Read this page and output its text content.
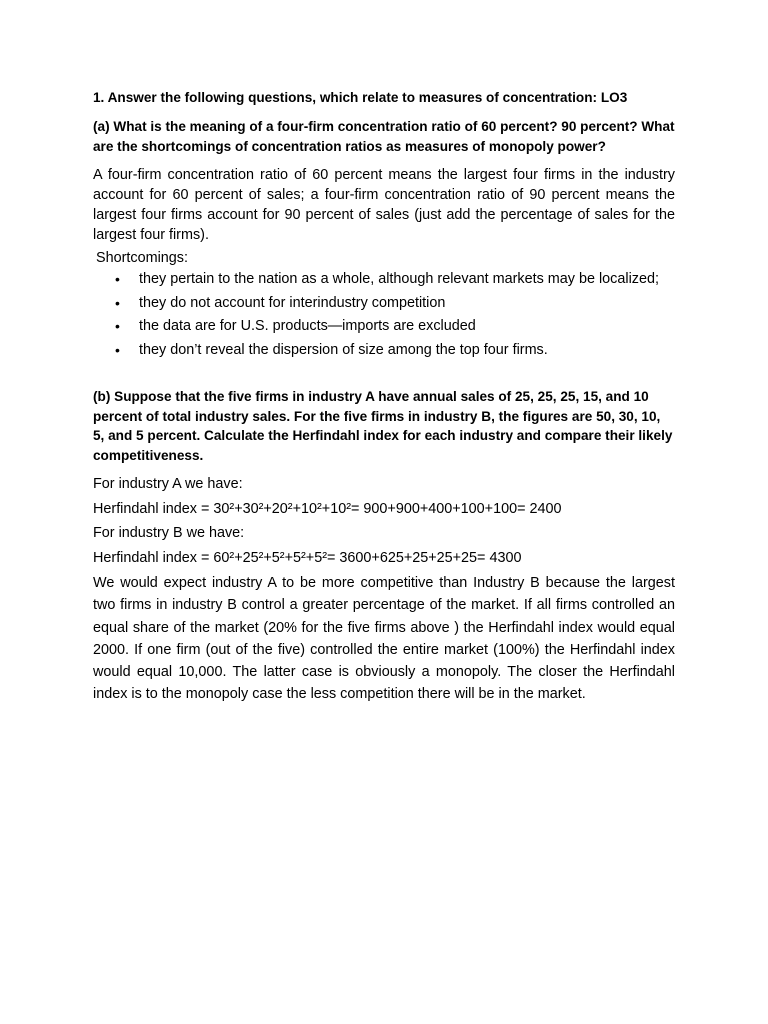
1. Answer the following questions, which relate to measures of concentration: LO3
(a) What is the meaning of a four-firm concentration ratio of 60 percent? 90 percent? What are the shortcomings of concentration ratios as measures of monopoly power?
A four-firm concentration ratio of 60 percent means the largest four firms in the industry account for 60 percent of sales; a four-firm concentration ratio of 90 percent means the largest four firms account for 90 percent of sales (just add the percentage of sales for the largest four firms).
Shortcomings:
• they pertain to the nation as a whole, although relevant markets may be localized;
• they do not account for interindustry competition
• the data are for U.S. products—imports are excluded
• they don’t reveal the dispersion of size among the top four firms.
(b) Suppose that the five firms in industry A have annual sales of 25, 25, 25, 15, and 10 percent of total industry sales. For the five firms in industry B, the figures are 50, 30, 10, 5, and 5 percent. Calculate the Herfindahl index for each industry and compare their likely competitiveness.
For industry A we have:
Herfindahl index = 30²+30²+20²+10²+10²= 900+900+400+100+100= 2400
For industry B we have:
Herfindahl index = 60²+25²+5²+5²+5²= 3600+625+25+25+25= 4300
We would expect industry A to be more competitive than Industry B because the largest two firms in industry B control a greater percentage of the market. If all firms controlled an equal share of the market (20% for the five firms above ) the Herfindahl index would equal 2000. If one firm (out of the five) controlled the entire market (100%) the Herfindahl index would equal 10,000. The latter case is obviously a monopoly. The closer the Herfindahl index is to the monopoly case the less competition there will be in the market.
